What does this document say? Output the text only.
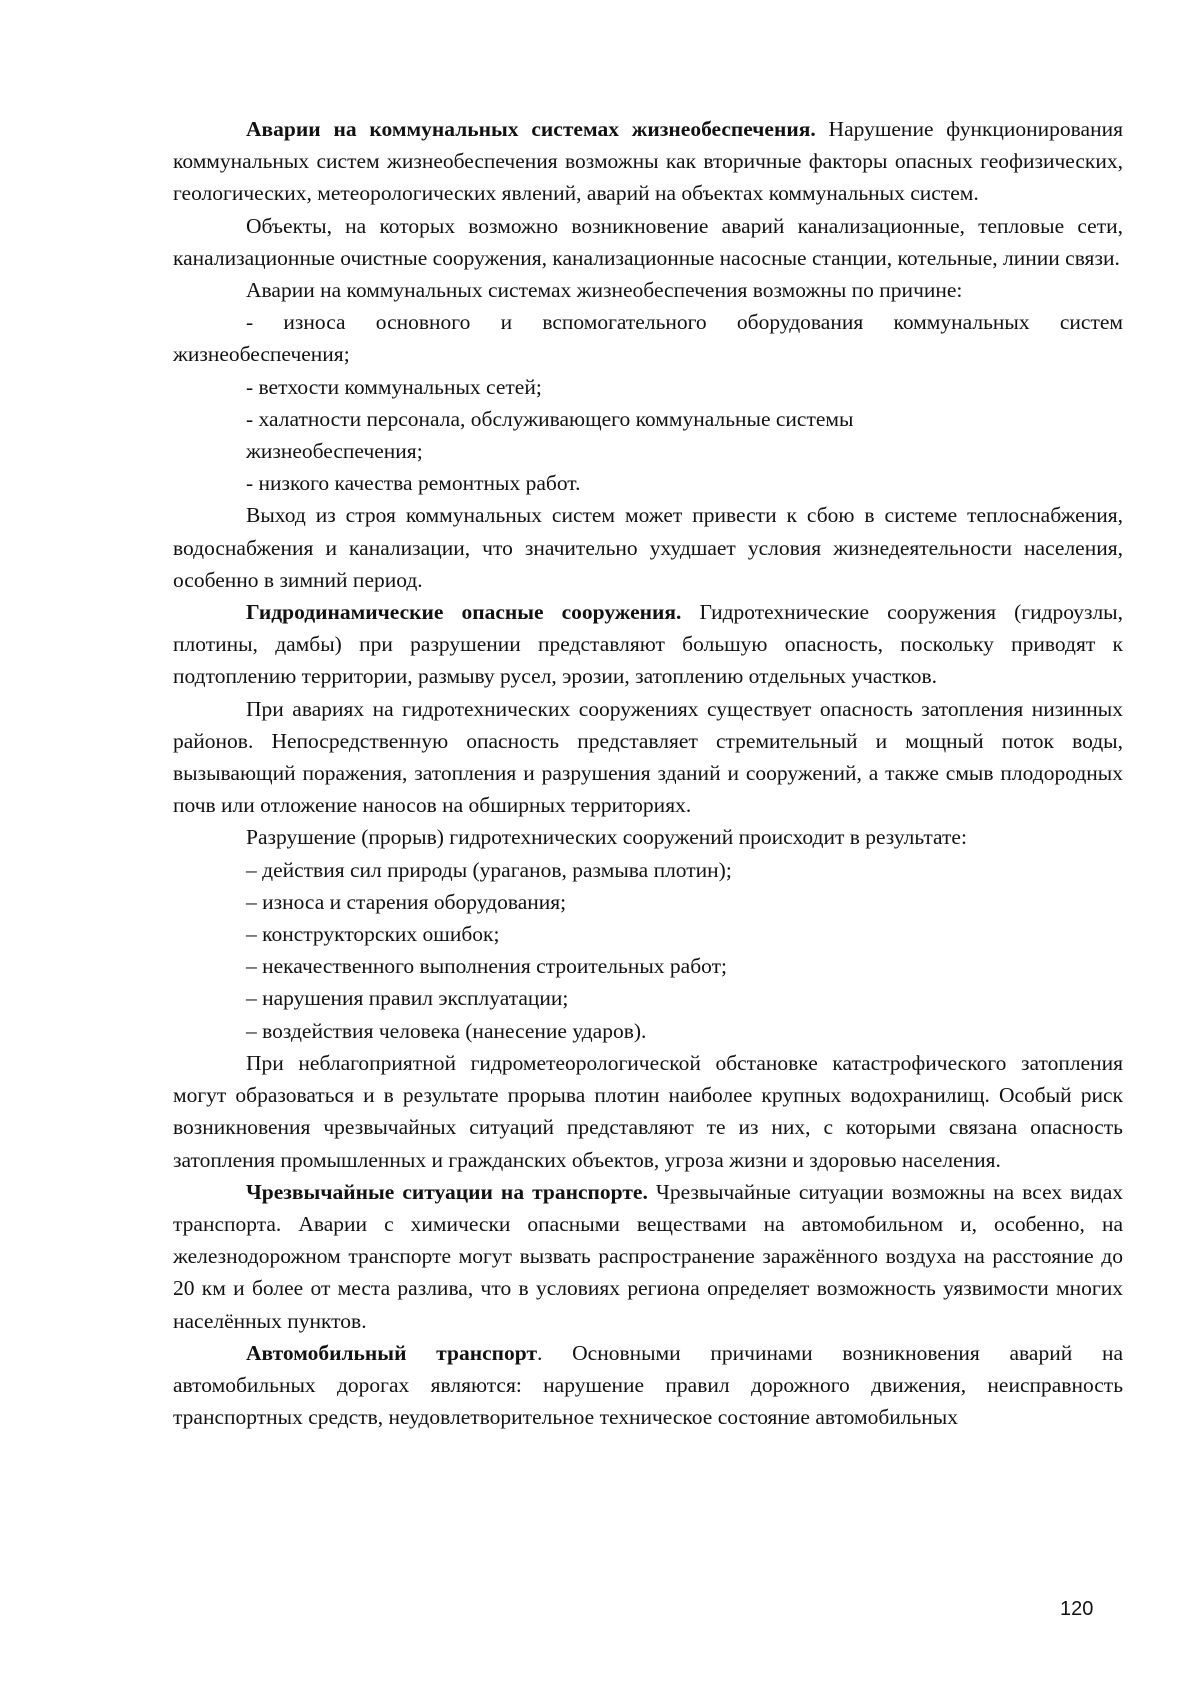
Аварии на коммунальных системах жизнеобеспечения. Нарушение функционирования коммунальных систем жизнеобеспечения возможны как вторичные факторы опасных геофизических, геологических, метеорологических явлений, аварий на объектах коммунальных систем.

Объекты, на которых возможно возникновение аварий канализационные, тепловые сети, канализационные очистные сооружения, канализационные насосные станции, котельные, линии связи.

Аварии на коммунальных системах жизнеобеспечения возможны по причине:

- износа основного и вспомогательного оборудования коммунальных систем жизнеобеспечения;

- ветхости коммунальных сетей;

- халатности персонала, обслуживающего коммунальные системы

жизнеобеспечения;

- низкого качества ремонтных работ.

Выход из строя коммунальных систем может привести к сбою в системе теплоснабжения, водоснабжения и канализации, что значительно ухудшает условия жизнедеятельности населения, особенно в зимний период.

Гидродинамические опасные сооружения. Гидротехнические сооружения (гидроузлы, плотины, дамбы) при разрушении представляют большую опасность, поскольку приводят к подтоплению территории, размыву русел, эрозии, затоплению отдельных участков.

При авариях на гидротехнических сооружениях существует опасность затопления низинных районов. Непосредственную опасность представляет стремительный и мощный поток воды, вызывающий поражения, затопления и разрушения зданий и сооружений, а также смыв плодородных почв или отложение наносов на обширных территориях.

Разрушение (прорыв) гидротехнических сооружений происходит в результате:

– действия сил природы (ураганов, размыва плотин);

– износа и старения оборудования;

– конструкторских ошибок;

– некачественного выполнения строительных работ;

– нарушения правил эксплуатации;

– воздействия человека (нанесение ударов).

При неблагоприятной гидрометеорологической обстановке катастрофического затопления могут образоваться и в результате прорыва плотин наиболее крупных водохранилищ. Особый риск возникновения чрезвычайных ситуаций представляют те из них, с которыми связана опасность затопления промышленных и гражданских объектов, угроза жизни и здоровью населения.

Чрезвычайные ситуации на транспорте. Чрезвычайные ситуации возможны на всех видах транспорта. Аварии с химически опасными веществами на автомобильном и, особенно, на железнодорожном транспорте могут вызвать распространение заражённого воздуха на расстояние до 20 км и более от места разлива, что в условиях региона определяет возможность уязвимости многих населённых пунктов.

Автомобильный транспорт. Основными причинами возникновения аварий на автомобильных дорогах являются: нарушение правил дорожного движения, неисправность транспортных средств, неудовлетворительное техническое состояние автомобильных

120
